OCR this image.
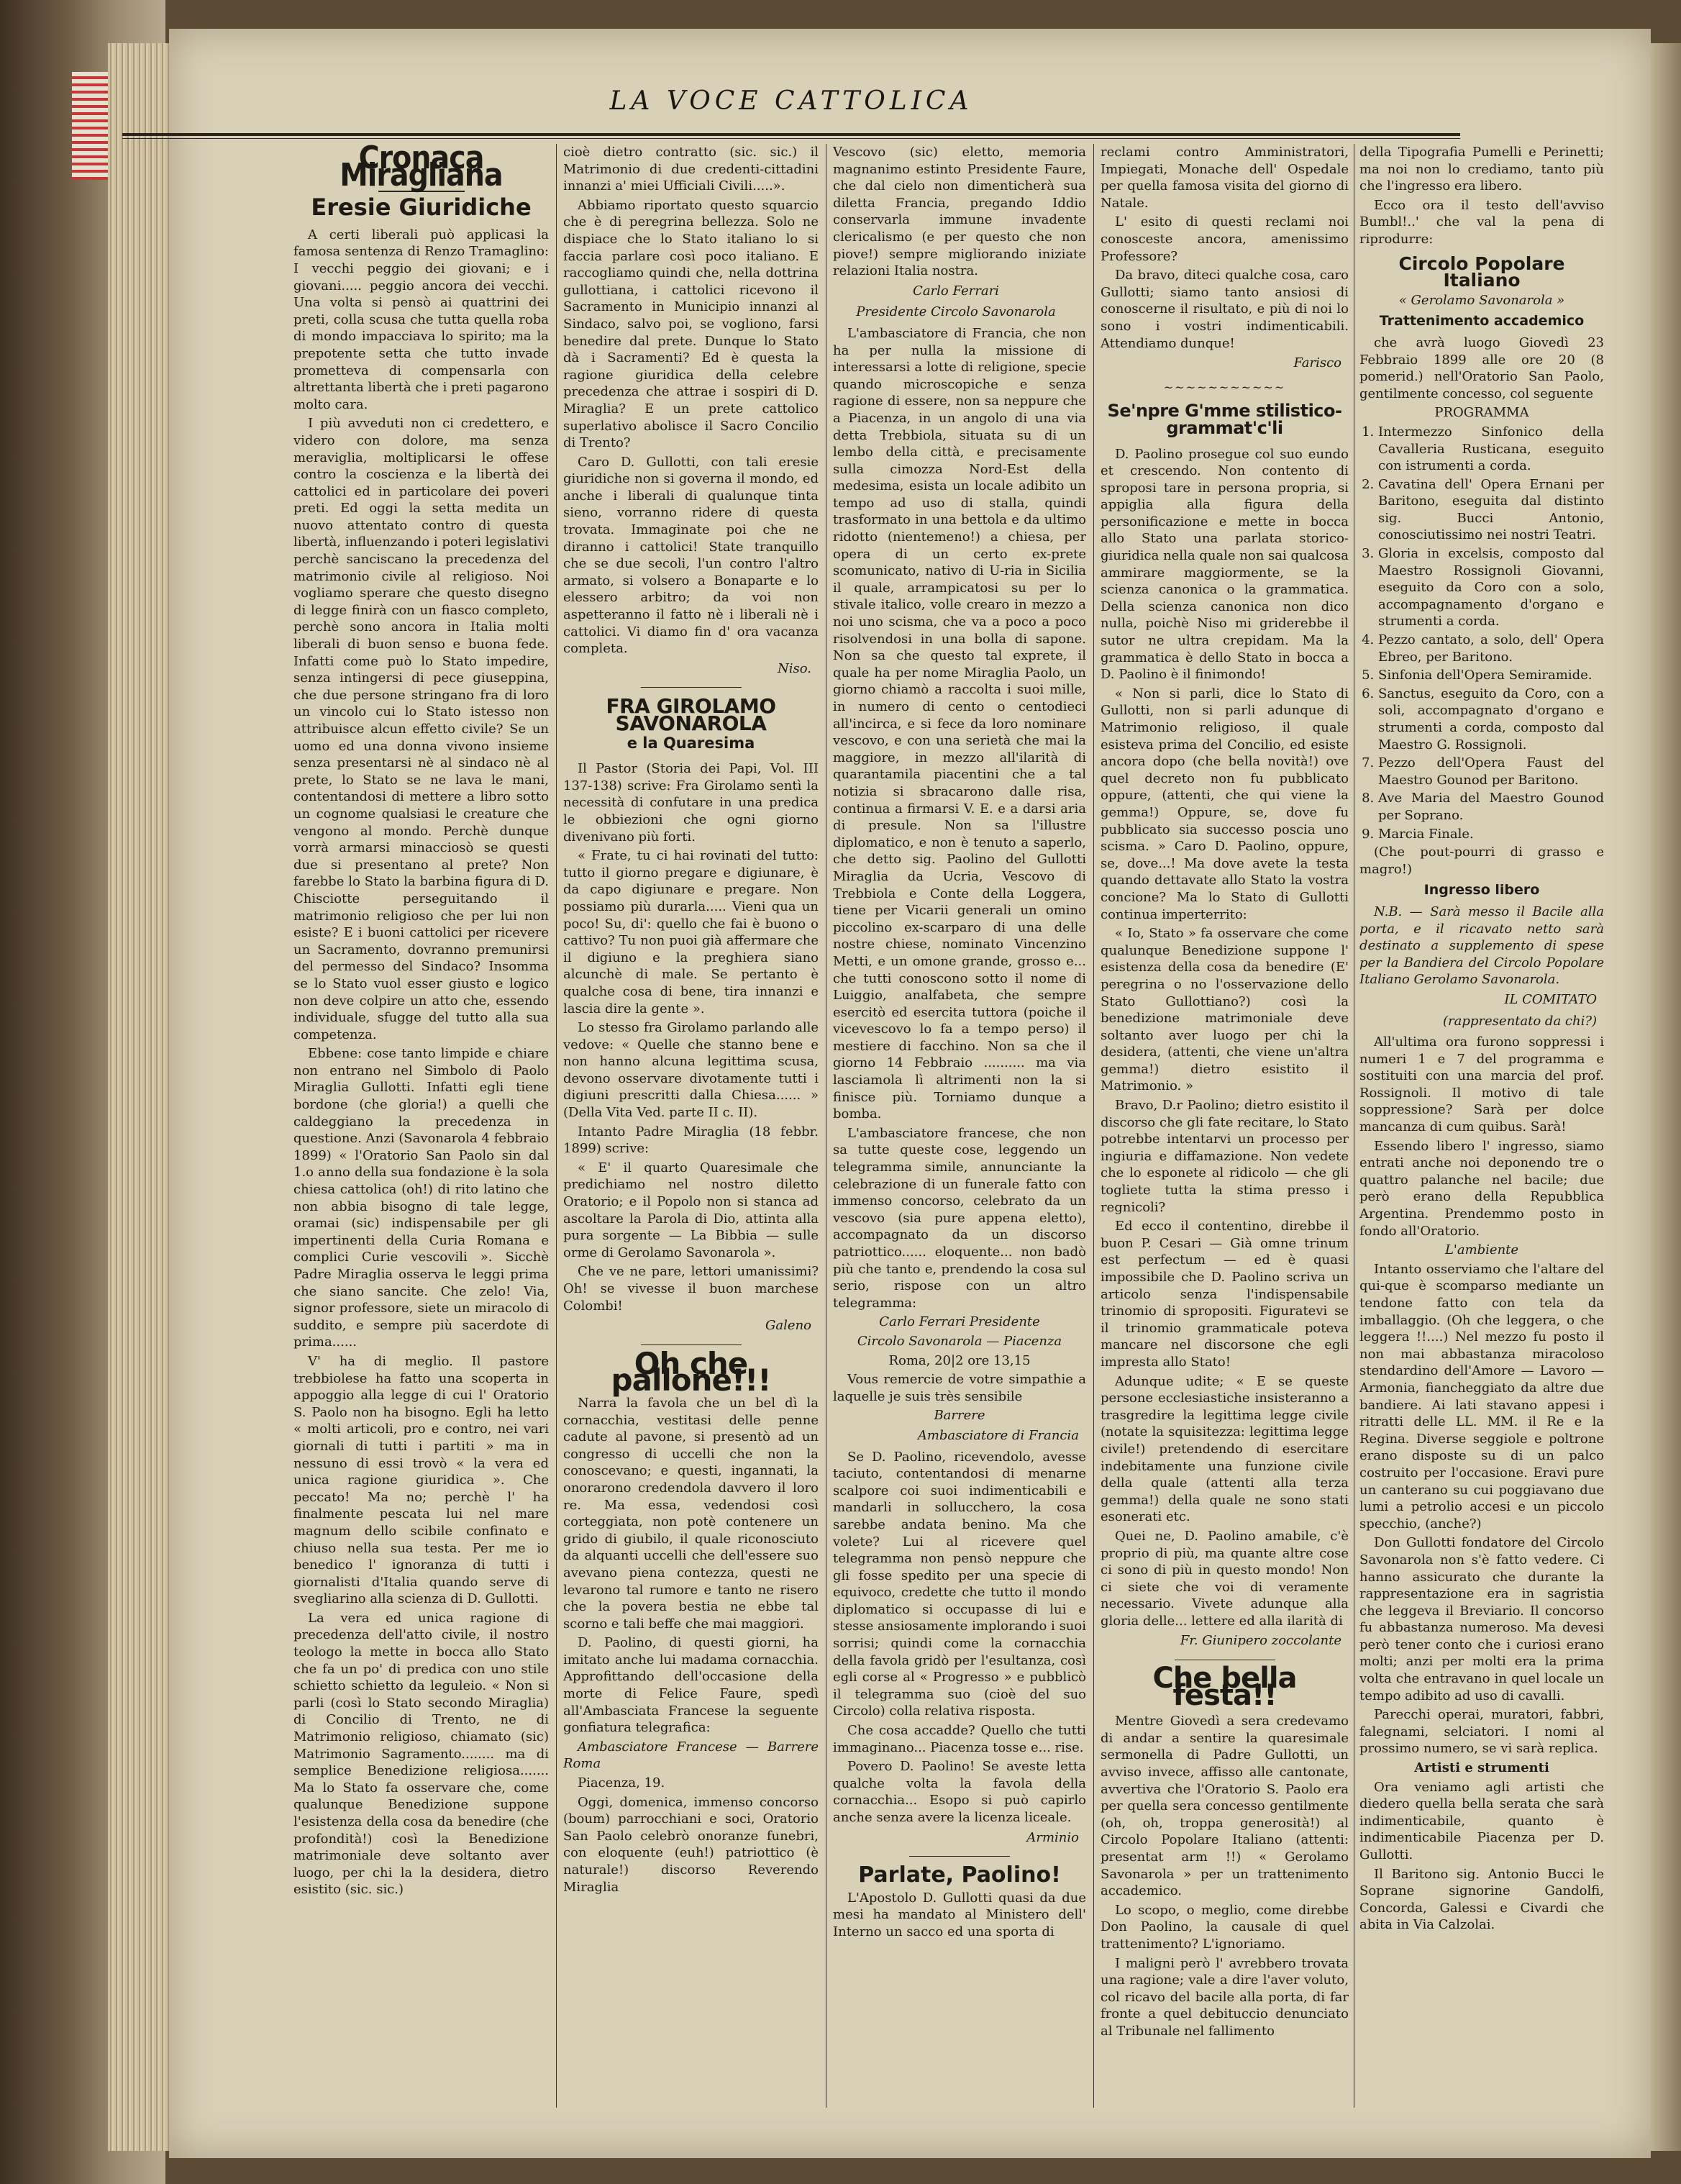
LA VOCE CATTOLICA
Cronaca Miragliana
Eresie Giuridiche

A certi liberali può applicasi la famosa sentenza di Renzo Tramaglino: I vecchi peggio dei giovani; e i giovani..... peggio ancora dei vecchi. Una volta si pensò ai quattrini dei preti, colla scusa che tutta quella roba di mondo impacciava lo spirito; ma la prepotente setta che tutto invade prometteva di compensarla con altrettanta libertà che i preti pagarono molto cara.

I più avveduti non ci credettero, e videro con dolore, ma senza meraviglia, moltiplicarsi le offese contro la coscienza e la libertà dei cattolici ed in particolare dei poveri preti. Ed oggi la setta medita un nuovo attentato contro di questa libertà, influenzando i poteri legislativi perchè sanciscano la precedenza del matrimonio civile al religioso. Noi vogliamo sperare che questo disegno di legge finirà con un fiasco completo, perchè sono ancora in Italia molti liberali di buon senso e buona fede. Infatti come può lo Stato impedire, senza intingersi di pece giuseppina, che due persone stringano fra di loro un vincolo cui lo Stato istesso non attribuisce alcun effetto civile? Se un uomo ed una donna vivono insieme senza presentarsi nè al sindaco nè al prete, lo Stato se ne lava le mani, contentandosi di mettere a libro sotto un cognome qualsiasi le creature che vengono al mondo. Perchè dunque vorrà armarsi minacciosò se questi due si presentano al prete? Non farebbe lo Stato la barbina figura di D. Chisciotte perseguitando il matrimonio religioso che per lui non esiste? E i buoni cattolici per ricevere un Sacramento, dovranno premunirsi del permesso del Sindaco? Insomma se lo Stato vuol esser giusto e logico non deve colpire un atto che, essendo individuale, sfugge del tutto alla sua competenza.

Ebbene: cose tanto limpide e chiare non entrano nel Simbolo di Paolo Miraglia Gullotti. Infatti egli tiene bordone (che gloria!) a quelli che caldeggiano la precedenza in questione. Anzi (Savonarola 4 febbraio 1899) « l'Oratorio San Paolo sin dal 1.o anno della sua fondazione è la sola chiesa cattolica (oh!) di rito latino che non abbia bisogno di tale legge, oramai (sic) indispensabile per gli impertinenti della Curia Romana e complici Curie vescovili ». Sicchè Padre Miraglia osserva le leggi prima che siano sancite. Che zelo! Via, signor professore, siete un miracolo di suddito, e sempre più sacerdote di prima......

V' ha di meglio. Il pastore trebbiolese ha fatto una scoperta in appoggio alla legge di cui l' Oratorio S. Paolo non ha bisogno. Egli ha letto « molti articoli, pro e contro, nei vari giornali di tutti i partiti » ma in nessuno di essi trovò « la vera ed unica ragione giuridica ». Che peccato! Ma no; perchè l' ha finalmente pescata lui nel mare magnum dello scibile confinato e chiuso nella sua testa. Per me io benedico l' ignoranza di tutti i giornalisti d'Italia quando serve di svegliarino alla scienza di D. Gullotti.

La vera ed unica ragione di precedenza dell'atto civile, il nostro teologo la mette in bocca allo Stato che fa un po' di predica con uno stile schietto schietto da leguleio. « Non si parli (così lo Stato secondo Miraglia) di Concilio di Trento, ne di Matrimonio religioso, chiamato (sic) Matrimonio Sagramento........ ma di semplice Benedizione religiosa....... Ma lo Stato fa osservare che, come qualunque Benedizione suppone l'esistenza della cosa da benedire (che profondità!) così la Benedizione matrimoniale deve soltanto aver luogo, per chi la la desidera, dietro esistito (sic. sic.)

cioè dietro contratto (sic. sic.) il Matrimonio di due credenti-cittadini innanzi a' miei Ufficiali Civili.....».

Abbiamo riportato questo squarcio che è di peregrina bellezza. Solo ne dispiace che lo Stato italiano lo si faccia parlare così poco italiano. E raccogliamo quindi che, nella dottrina gullottiana, i cattolici ricevono il Sacramento in Municipio innanzi al Sindaco, salvo poi, se vogliono, farsi benedire dal prete. Dunque lo Stato dà i Sacramenti? Ed è questa la ragione giuridica della celebre precedenza che attrae i sospiri di D. Miraglia? E un prete cattolico superlativo abolisce il Sacro Concilio di Trento?

Caro D. Gullotti, con tali eresie giuridiche non si governa il mondo, ed anche i liberali di qualunque tinta sieno, vorranno ridere di questa trovata. Immaginate poi che ne diranno i cattolici! State tranquillo che se due secoli, l'un contro l'altro armato, si volsero a Bonaparte e lo elessero arbitro; da voi non aspetteranno il fatto nè i liberali nè i cattolici. Vi diamo fin d' ora vacanza completa.

Niso.
FRA GIROLAMO SAVONAROLA
e la Quaresima

Il Pastor (Storia dei Papi, Vol. III 137-138) scrive: Fra Girolamo sentì la necessità di confutare in una predica le obbiezioni che ogni giorno divenivano più forti.

« Frate, tu ci hai rovinati del tutto: tutto il giorno pregare e digiunare, è da capo digiunare e pregare. Non possiamo più durarla..... Vieni qua un poco! Su, di': quello che fai è buono o cattivo? Tu non puoi già affermare che il digiuno e la preghiera siano alcunchè di male. Se pertanto è qualche cosa di bene, tira innanzi e lascia dire la gente ».

Lo stesso fra Girolamo parlando alle vedove: « Quelle che stanno bene e non hanno alcuna legittima scusa, devono osservare divotamente tutti i digiuni prescritti dalla Chiesa...... » (Della Vita Ved. parte II c. II).

Intanto Padre Miraglia (18 febbr. 1899) scrive:

« E' il quarto Quaresimale che predichiamo nel nostro diletto Oratorio; e il Popolo non si stanca ad ascoltare la Parola di Dio, attinta alla pura sorgente — La Bibbia — sulle orme di Gerolamo Savonarola ».

Che ve ne pare, lettori umanissimi? Oh! se vivesse il buon marchese Colombi!

Galeno
Oh che pallone!!!

Narra la favola che un bel dì la cornacchia, vestitasi delle penne cadute al pavone, si presentò ad un congresso di uccelli che non la conoscevano; e questi, ingannati, la onorarono credendola davvero il loro re. Ma essa, vedendosi così corteggiata, non potè contenere un grido di giubilo, il quale riconosciuto da alquanti uccelli che dell'essere suo avevano piena contezza, questi ne levarono tal rumore e tanto ne risero che la povera bestia ne ebbe tal scorno e tali beffe che mai maggiori.

D. Paolino, di questi giorni, ha imitato anche lui madama cornacchia. Approfittando dell'occasione della morte di Felice Faure, spedì all'Ambasciata Francese la seguente gonfiatura telegrafica:

Ambasciatore Francese — Barrere Roma

Piacenza, 19.

Oggi, domenica, immenso concorso (boum) parrocchiani e soci, Oratorio San Paolo celebrò onoranze funebri, con eloquente (euh!) patriottico (è naturale!) discorso Reverendo Miraglia

Vescovo (sic) eletto, memoria magnanimo estinto Presidente Faure, che dal cielo non dimenticherà sua diletta Francia, pregando Iddio conservarla immune invadente clericalismo (e per questo che non piove!) sempre migliorando iniziate relazioni Italia nostra.

Carlo Ferrari
Presidente Circolo Savonarola

L'ambasciatore di Francia, che non ha per nulla la missione di interessarsi a lotte di religione, specie quando microscopiche e senza ragione di essere, non sa neppure che a Piacenza, in un angolo di una via detta Trebbiola, situata su di un lembo della città, e precisamente sulla cimozza Nord-Est della medesima, esista un locale adibito un tempo ad uso di stalla, quindi trasformato in una bettola e da ultimo ridotto (nientemeno!) a chiesa, per opera di un certo ex-prete scomunicato, nativo di U-ria in Sicilia il quale, arrampicatosi su per lo stivale italico, volle crearo in mezzo a noi uno scisma, che va a poco a poco risolvendosi in una bolla di sapone. Non sa che questo tal exprete, il quale ha per nome Miraglia Paolo, un giorno chiamò a raccolta i suoi mille, in numero di cento o centodieci all'incirca, e si fece da loro nominare vescovo, e con una serietà che mai la maggiore, in mezzo all'ilarità di quarantamila piacentini che a tal notizia si sbracarono dalle risa, continua a firmarsi V. E. e a darsi aria di presule. Non sa l'illustre diplomatico, e non è tenuto a saperlo, che detto sig. Paolino del Gullotti Miraglia da Ucria, Vescovo di Trebbiola e Conte della Loggera, tiene per Vicarii generali un omino piccolino ex-scarparo di una delle nostre chiese, nominato Vincenzino Metti, e un omone grande, grosso e... che tutti conoscono sotto il nome di Luiggio, analfabeta, che sempre esercitò ed esercita tuttora (poiche il vicevescovo lo fa a tempo perso) il mestiere di facchino. Non sa che il giorno 14 Febbraio .......... ma via lasciamola lì altrimenti non la si finisce più. Torniamo dunque a bomba.

L'ambasciatore francese, che non sa tutte queste cose, leggendo un telegramma simile, annunciante la celebrazione di un funerale fatto con immenso concorso, celebrato da un vescovo (sia pure appena eletto), accompagnato da un discorso patriottico...... eloquente... non badò più che tanto e, prendendo la cosa sul serio, rispose con un altro telegramma:

Carlo Ferrari Presidente

Circolo Savonarola — Piacenza

Roma, 20|2 ore 13,15

Vous remercie de votre simpathie a laquelle je suis très sensibile

Barrere

Ambasciatore di Francia

Se D. Paolino, ricevendolo, avesse taciuto, contentandosi di menarne scalpore coi suoi indimenticabili e mandarli in sollucchero, la cosa sarebbe andata benino. Ma che volete? Lui al ricevere quel telegramma non pensò neppure che gli fosse spedito per una specie di equivoco, credette che tutto il mondo diplomatico si occupasse di lui e stesse ansiosamente implorando i suoi sorrisi; quindi come la cornacchia della favola gridò per l'esultanza, così egli corse al « Progresso » e pubblicò il telegramma suo (cioè del suo Circolo) colla relativa risposta.

Che cosa accadde? Quello che tutti immaginano... Piacenza tosse e... rise.

Povero D. Paolino! Se aveste letta qualche volta la favola della cornacchia... Esopo si può capirlo anche senza avere la licenza liceale.

Arminio
Parlate, Paolino!

L'Apostolo D. Gullotti quasi da due mesi ha mandato al Ministero dell' Interno un sacco ed una sporta di

reclami contro Amministratori, Impiegati, Monache dell' Ospedale per quella famosa visita del giorno di Natale.

L' esito di questi reclami noi conosceste ancora, amenissimo Professore?

Da bravo, diteci qualche cosa, caro Gullotti; siamo tanto ansiosi di conoscerne il risultato, e più di noi lo sono i vostri indimenticabili. Attendiamo dunque!

Farisco
~~~~~~~~~~~
Se'npre G'mme stilistico-grammat'c'li

D. Paolino prosegue col suo eundo et crescendo. Non contento di sproposi tare in persona propria, si appiglia alla figura della personificazione e mette in bocca allo Stato una parlata storico-giuridica nella quale non sai qualcosa ammirare maggiormente, se la scienza canonica o la grammatica. Della scienza canonica non dico nulla, poichè Niso mi griderebbe il sutor ne ultra crepidam. Ma la grammatica è dello Stato in bocca a D. Paolino è il finimondo!

« Non si parli, dice lo Stato di Gullotti, non si parli adunque di Matrimonio religioso, il quale esisteva prima del Concilio, ed esiste ancora dopo (che bella novità!) ove quel decreto non fu pubblicato oppure, (attenti, che qui viene la gemma!) Oppure, se, dove fu pubblicato sia successo poscia uno scisma. » Caro D. Paolino, oppure, se, dove...! Ma dove avete la testa quando dettavate allo Stato la vostra concione? Ma lo Stato di Gullotti continua imperterrito:

« Io, Stato » fa osservare che come qualunque Benedizione suppone l' esistenza della cosa da benedire (E' peregrina o no l'osservazione dello Stato Gullottiano?) così la benedizione matrimoniale deve soltanto aver luogo per chi la desidera, (attenti, che viene un'altra gemma!) dietro esistito il Matrimonio. »

Bravo, D.r Paolino; dietro esistito il discorso che gli fate recitare, lo Stato potrebbe intentarvi un processo per ingiuria e diffamazione. Non vedete che lo esponete al ridicolo — che gli togliete tutta la stima presso i regnicoli?

Ed ecco il contentino, direbbe il buon P. Cesari — Già omne trinum est perfectum — ed è quasi impossibile che D. Paolino scriva un articolo senza l'indispensabile trinomio di spropositi. Figuratevi se il trinomio grammaticale poteva mancare nel discorsone che egli impresta allo Stato!

Adunque udite; « E se queste persone ecclesiastiche insisteranno a trasgredire la legittima legge civile (notate la squisitezza: legittima legge civile!) pretendendo di esercitare indebitamente una funzione civile della quale (attenti alla terza gemma!) della quale ne sono stati esonerati etc.

Quei ne, D. Paolino amabile, c'è proprio di più, ma quante altre cose ci sono di più in questo mondo! Non ci siete che voi di veramente necessario. Vivete adunque alla gloria delle... lettere ed alla ilarità di

Fr. Giunipero zoccolante
Che bella festa!!

Mentre Giovedì a sera credevamo di andar a sentire la quaresimale sermonella di Padre Gullotti, un avviso invece, affisso alle cantonate, avvertiva che l'Oratorio S. Paolo era per quella sera concesso gentilmente (oh, oh, troppa generosità!) al Circolo Popolare Italiano (attenti: presentat arm !!) « Gerolamo Savonarola » per un trattenimento accademico.

Lo scopo, o meglio, come direbbe Don Paolino, la causale di quel trattenimento? L'ignoriamo.

I maligni però l' avrebbero trovata una ragione; vale a dire l'aver voluto, col ricavo del bacile alla porta, di far fronte a quel debituccio denunciato al Tribunale nel fallimento

della Tipografia Pumelli e Perinetti; ma noi non lo crediamo, tanto più che l'ingresso era libero.

Ecco ora il testo dell'avviso Bumbl!..' che val la pena di riprodurre:

Circolo Popolare Italiano

« Gerolamo Savonarola »

Trattenimento accademico

che avrà luogo Giovedì 23 Febbraio 1899 alle ore 20 (8 pomerid.) nell'Oratorio San Paolo, gentilmente concesso, col seguente

PROGRAMMA

1. Intermezzo Sinfonico della Cavalleria Rusticana, eseguito con istrumenti a corda.
2. Cavatina dell' Opera Ernani per Baritono, eseguita dal distinto sig. Bucci Antonio, conosciutissimo nei nostri Teatri.
3. Gloria in excelsis, composto dal Maestro Rossignoli Giovanni, eseguito da Coro con a solo, accompagnamento d'organo e strumenti a corda.
4. Pezzo cantato, a solo, dell' Opera Ebreo, per Baritono.
5. Sinfonia dell'Opera Semiramide.
6. Sanctus, eseguito da Coro, con a soli, accompagnato d'organo e strumenti a corda, composto dal Maestro G. Rossignoli.
7. Pezzo dell'Opera Faust del Maestro Gounod per Baritono.
8. Ave Maria del Maestro Gounod per Soprano.
9. Marcia Finale.

(Che pout-pourri di grasso e magro!)

Ingresso libero

N.B. — Sarà messo il Bacile alla porta, e il ricavato netto sarà destinato a supplemento di spese per la Bandiera del Circolo Popolare Italiano Gerolamo Savonarola.

IL COMITATO

(rappresentato da chi?)

All'ultima ora furono soppressi i numeri 1 e 7 del programma e sostituiti con una marcia del prof. Rossignoli. Il motivo di tale soppressione? Sarà per dolce mancanza di cum quibus. Sarà!

Essendo libero l' ingresso, siamo entrati anche noi deponendo tre o quattro palanche nel bacile; due però erano della Repubblica Argentina. Prendemmo posto in fondo all'Oratorio.

L'ambiente

Intanto osserviamo che l'altare del qui-que è scomparso mediante un tendone fatto con tela da imballaggio. (Oh che leggera, o che leggera !!....) Nel mezzo fu posto il non mai abbastanza miracoloso stendardino dell'Amore — Lavoro — Armonia, fiancheggiato da altre due bandiere. Ai lati stavano appesi i ritratti delle LL. MM. il Re e la Regina. Diverse seggiole e poltrone erano disposte su di un palco costruito per l'occasione. Eravi pure un canterano su cui poggiavano due lumi a petrolio accesi e un piccolo specchio, (anche?)

Don Gullotti fondatore del Circolo Savonarola non s'è fatto vedere. Ci hanno assicurato che durante la rappresentazione era in sagristia che leggeva il Breviario. Il concorso fu abbastanza numeroso. Ma devesi però tener conto che i curiosi erano molti; anzi per molti era la prima volta che entravano in quel locale un tempo adibito ad uso di cavalli.

Parecchi operai, muratori, fabbri, falegnami, selciatori. I nomi al prossimo numero, se vi sarà replica.

Artisti e strumenti

Ora veniamo agli artisti che diedero quella bella serata che sarà indimenticabile, quanto è indimenticabile Piacenza per D. Gullotti.

Il Baritono sig. Antonio Bucci le Soprane signorine Gandolfi, Concorda, Galessi e Civardi che abita in Via Calzolai.
